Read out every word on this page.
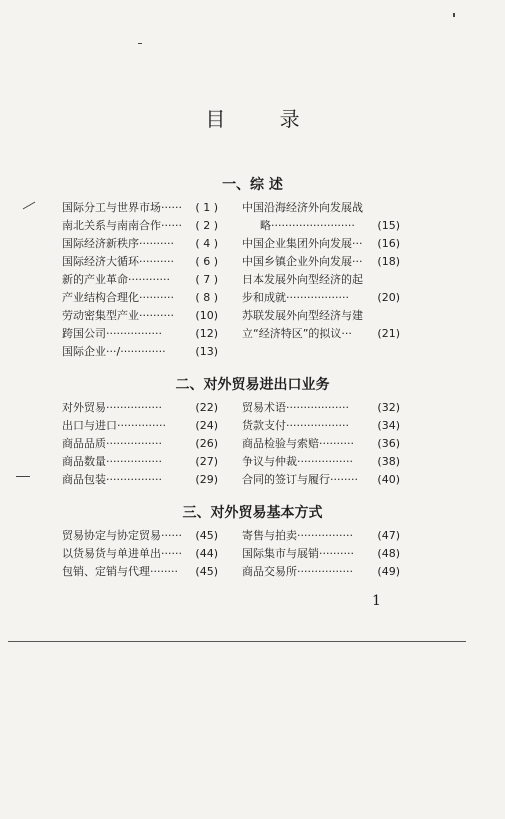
目 录
一、综 述
国际分工与世界市场······ ( 1 )
南北关系与南南合作······ ( 2 )
国际经济新秩序·········· ( 4 )
国际经济大循环·········· ( 6 )
新的产业革命············ ( 7 )
产业结构合理化·········· ( 8 )
劳动密集型产业·········· (10)
跨国公司················	(12)
国际企业···/·············	(13)
中国沿海经济外向发展战
略························ (15)
中国企业集团外向发展··· (16)
中国乡镇企业外向发展··· (18)
日本发展外向型经济的起
步和成就··················	(20)
苏联发展外向型经济与建
立“经济特区”的拟议··· (21)
二、对外贸易进出口业务
对外贸易················	(22)
出口与进口··············	(24)
商品品质················	(26)
商品数量················	(27)
商品包装················	(29)
贸易术语··················	(32)
货款支付··················	(34)
商品检验与索赔·········· (36)
争议与仲裁················ (38)
合同的签订与履行········ (40)
三、对外贸易基本方式
贸易协定与协定贸易······ (45)
以货易货与单进单出······ (44)
包销、定销与代理········ (45)
寄售与拍卖················ (47)
国际集市与展销·········· (48)
商品交易所················ (49)
1
